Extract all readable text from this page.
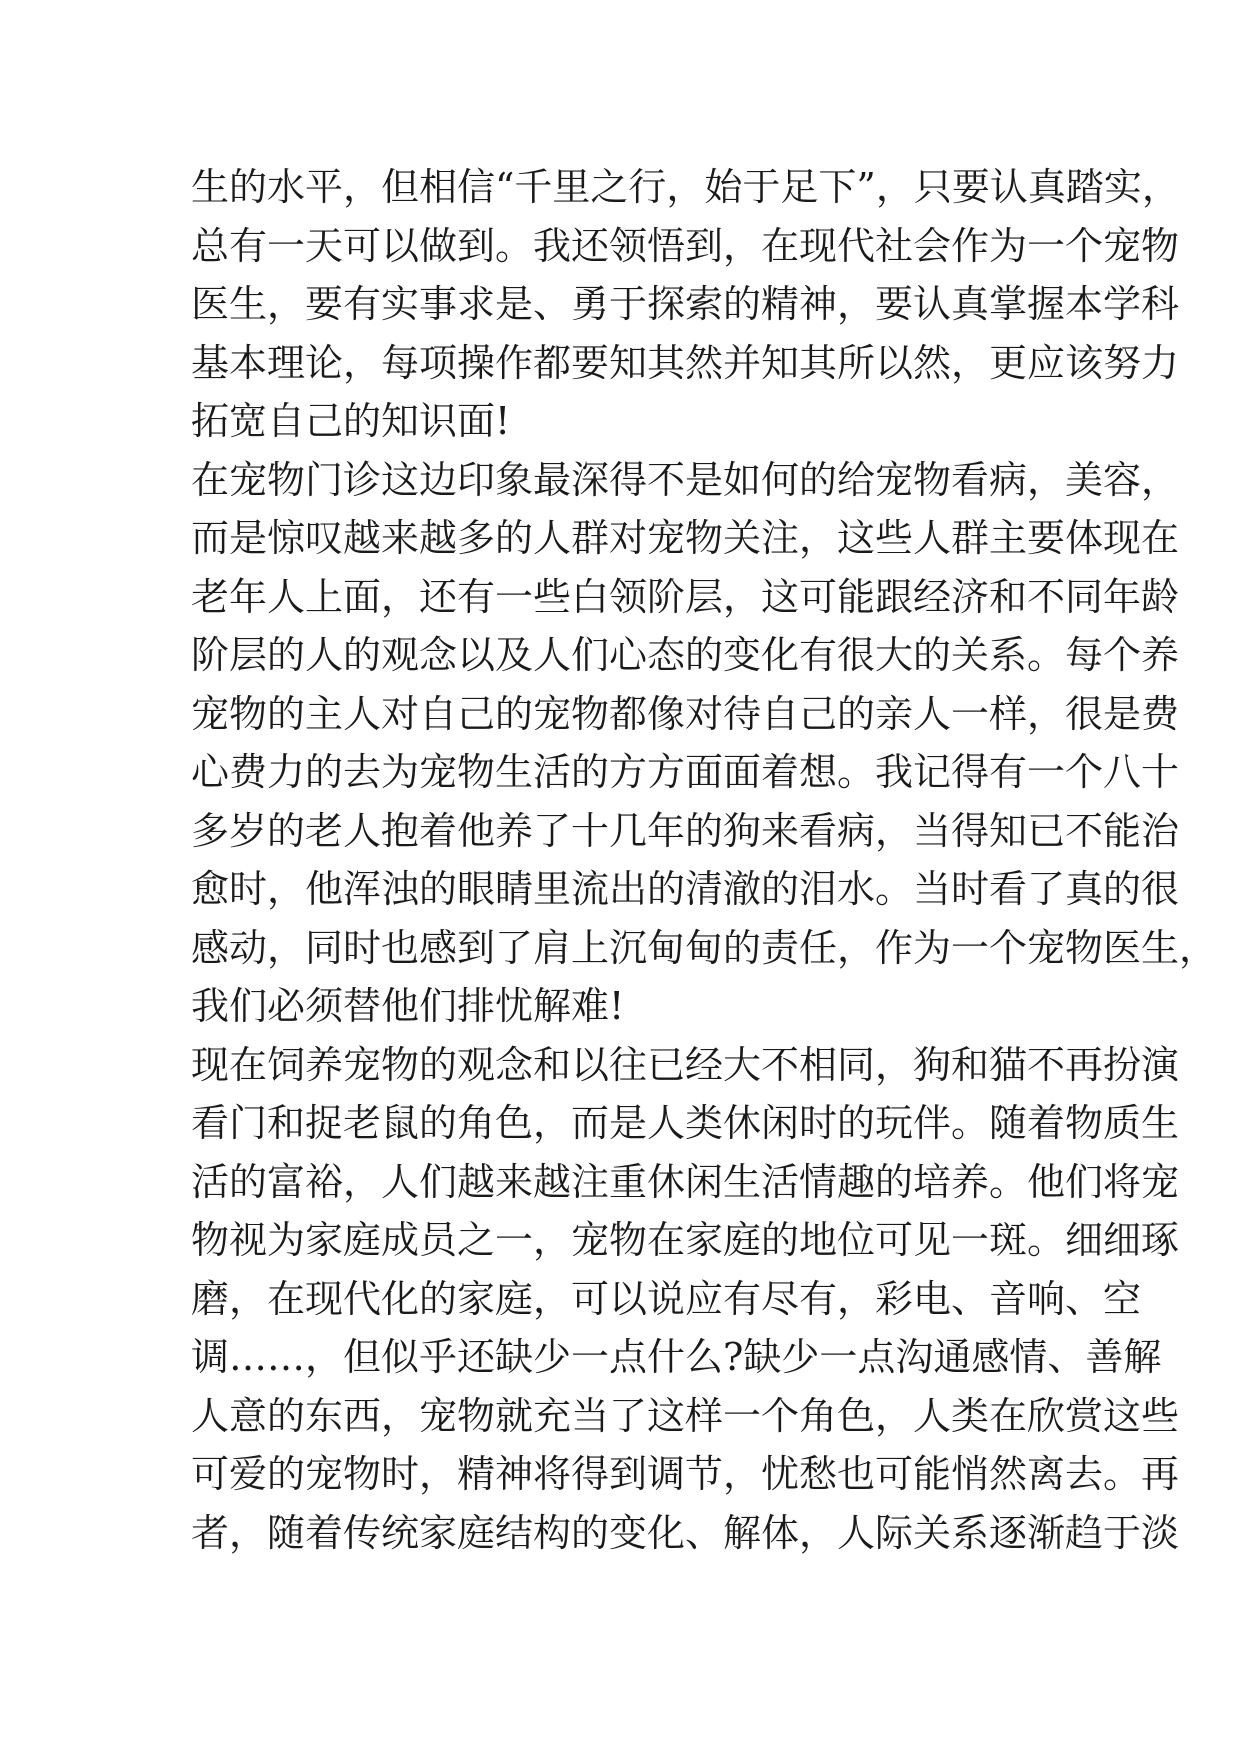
生的水平，但相信“千里之行，始于足下”，只要认真踏实，
总有一天可以做到。我还领悟到，在现代社会作为一个宠物
医生，要有实事求是、勇于探索的精神，要认真掌握本学科
基本理论，每项操作都要知其然并知其所以然，更应该努力
拓宽自己的知识面!
在宠物门诊这边印象最深得不是如何的给宠物看病，美容，
而是惊叹越来越多的人群对宠物关注，这些人群主要体现在
老年人上面，还有一些白领阶层，这可能跟经济和不同年龄
阶层的人的观念以及人们心态的变化有很大的关系。每个养
宠物的主人对自己的宠物都像对待自己的亲人一样，很是费
心费力的去为宠物生活的方方面面着想。我记得有一个八十
多岁的老人抱着他养了十几年的狗来看病，当得知已不能治
愈时，他浑浊的眼睛里流出的清澈的泪水。当时看了真的很
感动，同时也感到了肩上沉甸甸的责任，作为一个宠物医生，
我们必须替他们排忧解难!
现在饲养宠物的观念和以往已经大不相同，狗和猫不再扮演
看门和捉老鼠的角色，而是人类休闲时的玩伴。随着物质生
活的富裕，人们越来越注重休闲生活情趣的培养。他们将宠
物视为家庭成员之一，宠物在家庭的地位可见一斑。细细琢
磨，在现代化的家庭，可以说应有尽有，彩电、音响、空
调……，但似乎还缺少一点什么?缺少一点沟通感情、善解
人意的东西，宠物就充当了这样一个角色，人类在欣赏这些
可爱的宠物时，精神将得到调节，忧愁也可能悄然离去。再
者，随着传统家庭结构的变化、解体，人际关系逐渐趋于淡
